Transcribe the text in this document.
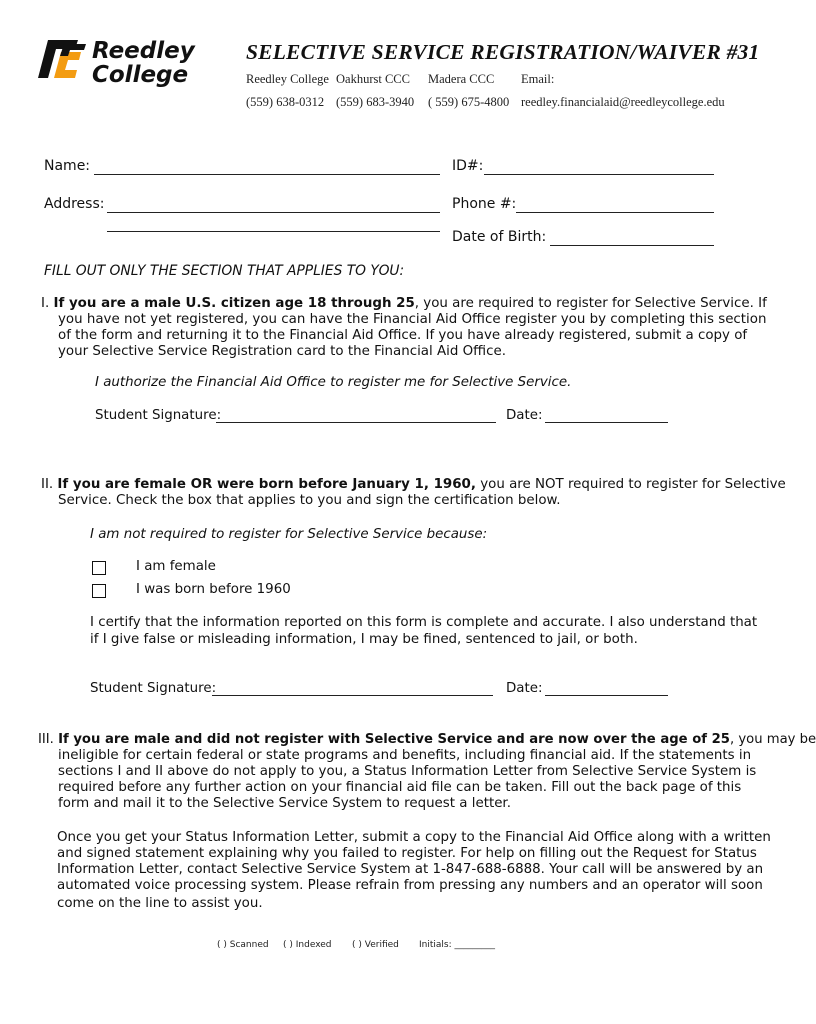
Reedley
College
SELECTIVE SERVICE REGISTRATION/WAIVER #31
Reedley College Oakhurst CCC Madera CCC Email:
(559) 638-0312 (559) 683-3940 ( 559) 675-4800 reedley.financialaid@reedleycollege.edu
Name:	ID#:
Address:	Phone #:
Date of Birth:
FILL OUT ONLY THE SECTION THAT APPLIES TO YOU:
I. If you are a male U.S. citizen age 18 through 25, you are required to register for Selective Service. If
you have not yet registered, you can have the Financial Aid Office register you by completing this section
of the form and returning it to the Financial Aid Office. If you have already registered, submit a copy of
your Selective Service Registration card to the Financial Aid Office.
I authorize the Financial Aid Office to register me for Selective Service.
Student Signature:	Date:
II. If you are female OR were born before January 1, 1960, you are NOT required to register for Selective
Service. Check the box that applies to you and sign the certification below.
I am not required to register for Selective Service because:
I am female
I was born before 1960
I certify that the information reported on this form is complete and accurate. I also understand that
if I give false or misleading information, I may be fined, sentenced to jail, or both.
Student Signature:	Date:
III. If you are male and did not register with Selective Service and are now over the age of 25, you may be
ineligible for certain federal or state programs and benefits, including financial aid. If the statements in
sections I and II above do not apply to you, a Status Information Letter from Selective Service System is
required before any further action on your financial aid file can be taken. Fill out the back page of this
form and mail it to the Selective Service System to request a letter.
Once you get your Status Information Letter, submit a copy to the Financial Aid Office along with a written
and signed statement explaining why you failed to register. For help on filling out the Request for Status
Information Letter, contact Selective Service System at 1-847-688-6888. Your call will be answered by an
automated voice processing system. Please refrain from pressing any numbers and an operator will soon
come on the line to assist you.
( ) Scanned ( ) Indexed ( ) Verified Initials: _________
